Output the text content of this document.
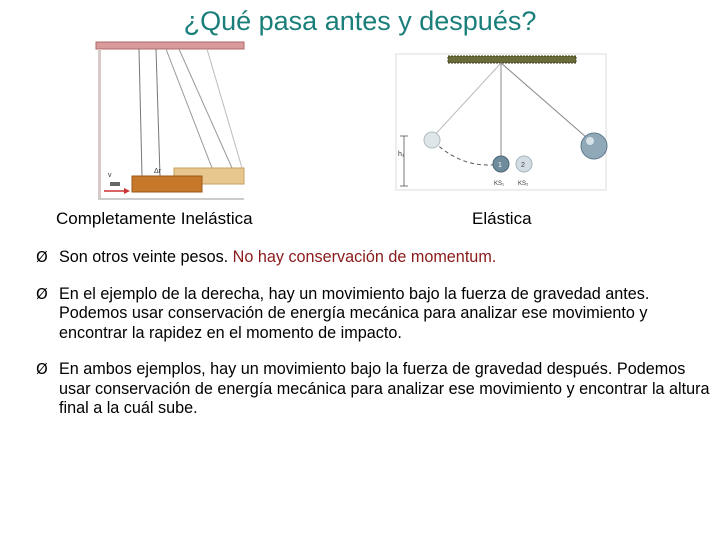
¿Qué pasa antes y después?
v
Δr
h₁
1	2
KS₁ KS₂
Completamente Inelástica	Elástica
Ø Son otros veinte pesos. No hay conservación de momentum.
Ø En el ejemplo de la derecha, hay un movimiento bajo la fuerza de gravedad antes. Podemos usar conservación de energía mecánica para analizar ese movimiento y encontrar la rapidez en el momento de impacto.
Ø En ambos ejemplos, hay un movimiento bajo la fuerza de gravedad después. Podemos usar conservación de energía mecánica para analizar ese movimiento y encontrar la altura final a la cuál sube.
